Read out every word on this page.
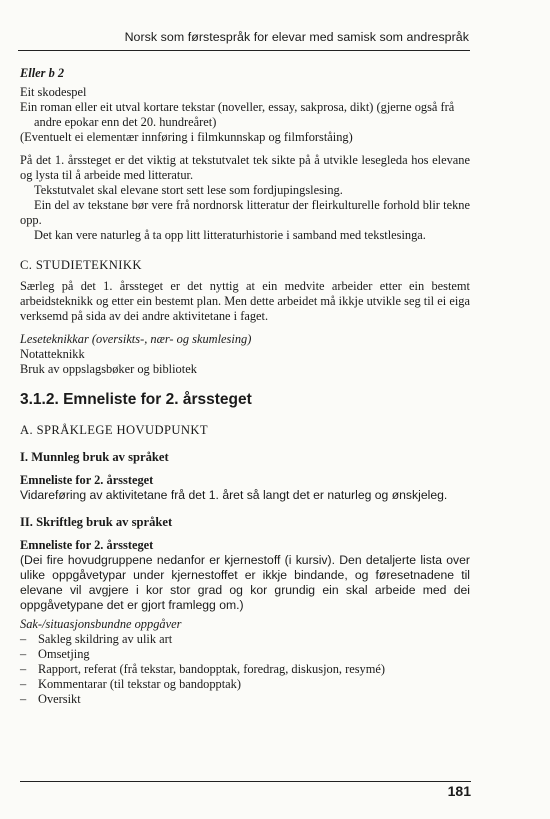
Norsk som førstespråk for elevar med samisk som andrespråk

Eller b 2

Eit skodespel

Ein roman eller eit utval kortare tekstar (noveller, essay, sakprosa, dikt) (gjerne også frå andre epokar enn det 20. hundreåret)

(Eventuelt ei elementær innføring i filmkunnskap og filmforståing)

På det 1. årssteget er det viktig at tekstutvalet tek sikte på å utvikle lesegleda hos elevane og lysta til å arbeide med litteratur.

Tekstutvalet skal elevane stort sett lese som fordjupingslesing.

Ein del av tekstane bør vere frå nordnorsk litteratur der fleirkulturelle forhold blir tekne opp.

Det kan vere naturleg å ta opp litt litteraturhistorie i samband med tekstlesinga.

C. STUDIETEKNIKK

Særleg på det 1. årssteget er det nyttig at ein medvite arbeider etter ein bestemt arbeidsteknikk og etter ein bestemt plan. Men dette arbeidet må ikkje utvikle seg til ei eiga verksemd på sida av dei andre aktivitetane i faget.

Leseteknikkar (oversikts-, nær- og skumlesing)

Notatteknikk

Bruk av oppslagsbøker og bibliotek

3.1.2. Emneliste for 2. årssteget

A. SPRÅKLEGE HOVUDPUNKT

I. Munnleg bruk av språket

Emneliste for 2. årssteget

Vidareføring av aktivitetane frå det 1. året så langt det er naturleg og ønskjeleg.

II. Skriftleg bruk av språket

Emneliste for 2. årssteget

(Dei fire hovudgruppene nedanfor er kjernestoff (i kursiv). Den detaljerte lista over ulike oppgåvetypar under kjernestoffet er ikkje bindande, og føresetnadene til elevane vil avgjere i kor stor grad og kor grundig ein skal arbeide med dei oppgåvetypane det er gjort framlegg om.)

Sak-/situasjonsbundne oppgåver

– Sakleg skildring av ulik art
– Omsetjing
– Rapport, referat (frå tekstar, bandopptak, foredrag, diskusjon, resymé)
– Kommentarar (til tekstar og bandopptak)
– Oversikt
181
